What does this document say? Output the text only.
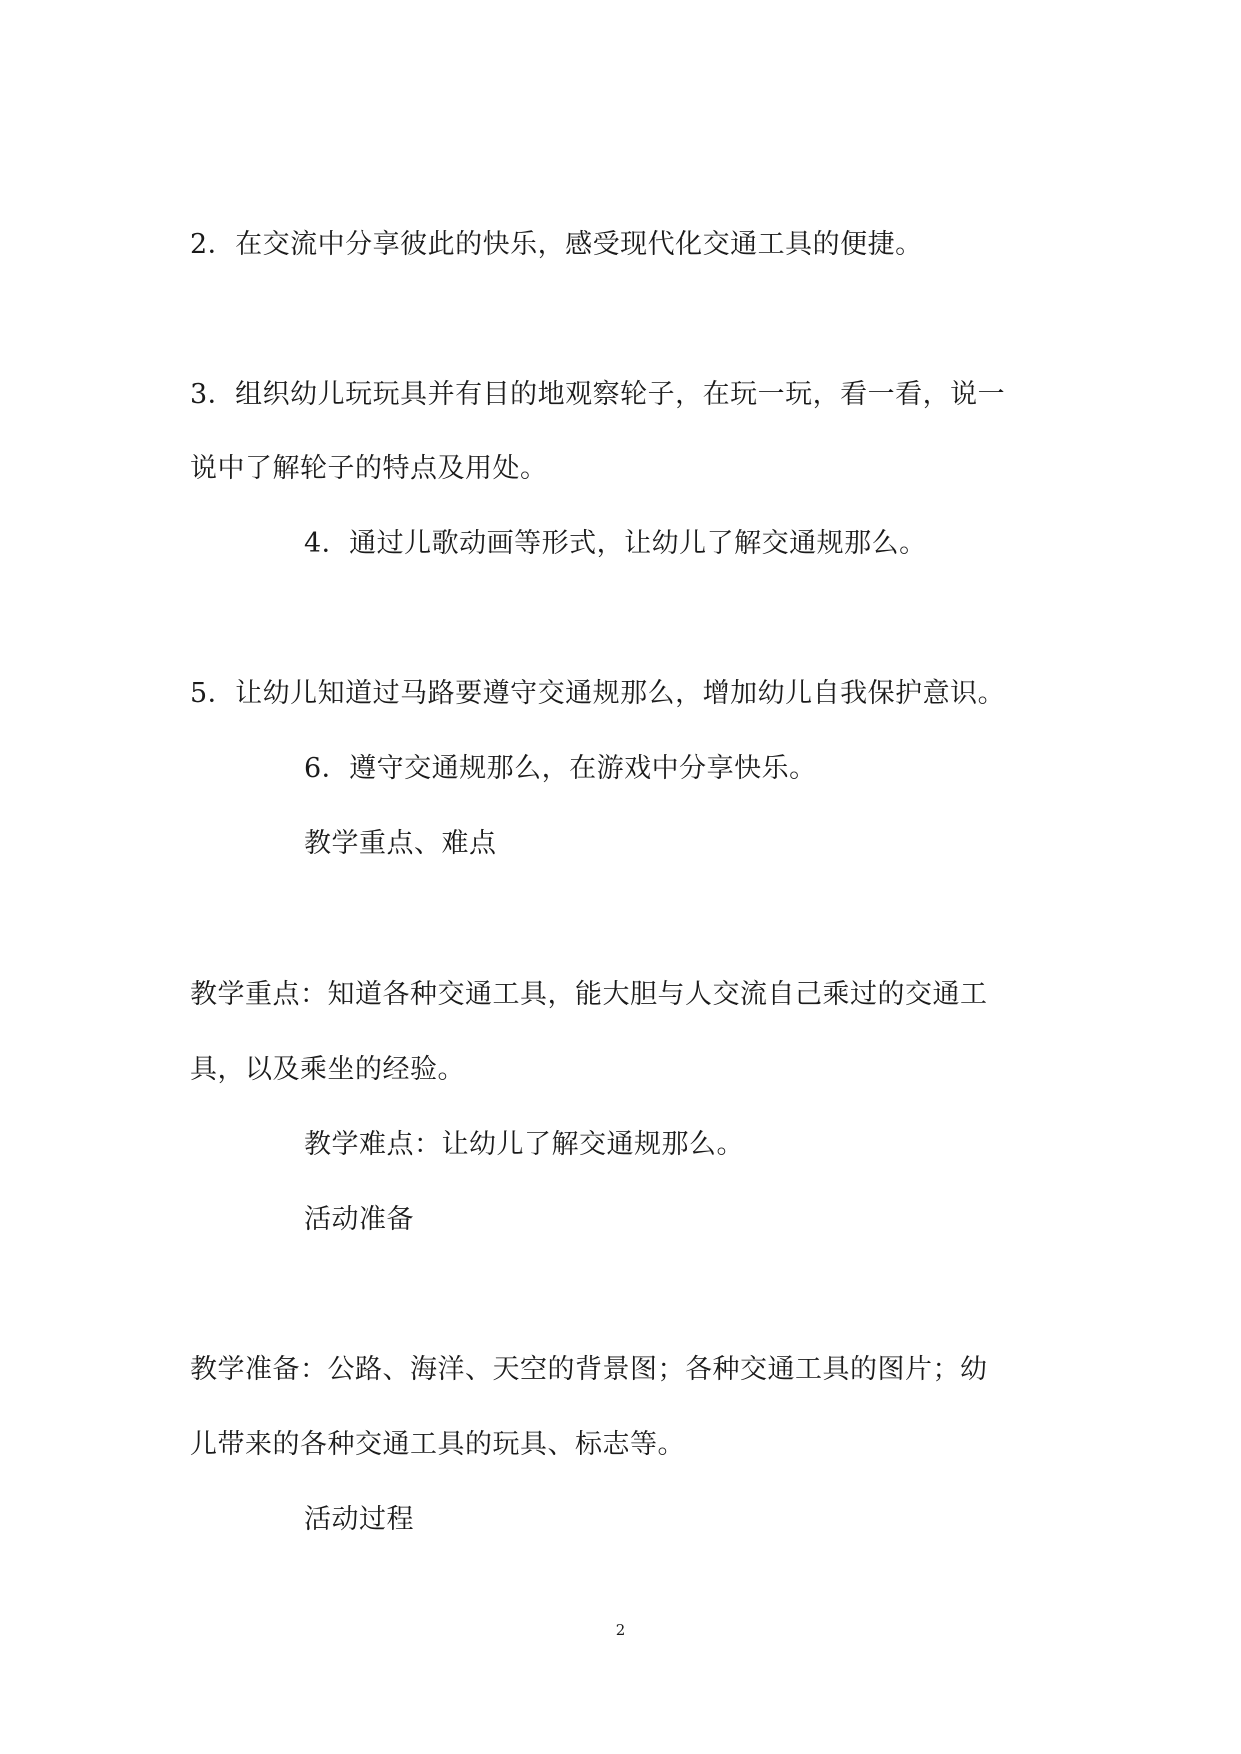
2．在交流中分享彼此的快乐，感受现代化交通工具的便捷。
3．组织幼儿玩玩具并有目的地观察轮子，在玩一玩，看一看，说一
说中了解轮子的特点及用处。
4．通过儿歌动画等形式，让幼儿了解交通规那么。
5．让幼儿知道过马路要遵守交通规那么，增加幼儿自我保护意识。
6．遵守交通规那么，在游戏中分享快乐。
教学重点、难点
教学重点：知道各种交通工具，能大胆与人交流自己乘过的交通工
具，以及乘坐的经验。
教学难点：让幼儿了解交通规那么。
活动准备
教学准备：公路、海洋、天空的背景图；各种交通工具的图片；幼
儿带来的各种交通工具的玩具、标志等。
活动过程
2
